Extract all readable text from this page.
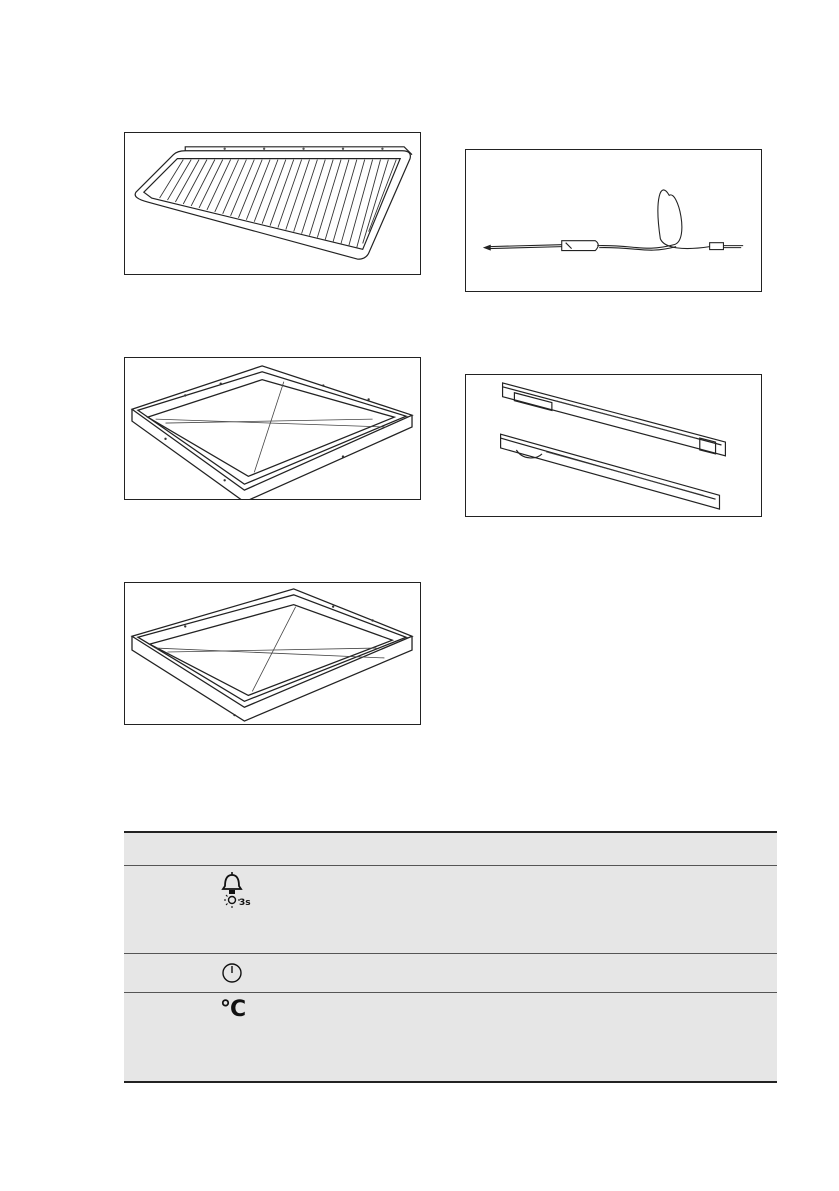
3s
°C
